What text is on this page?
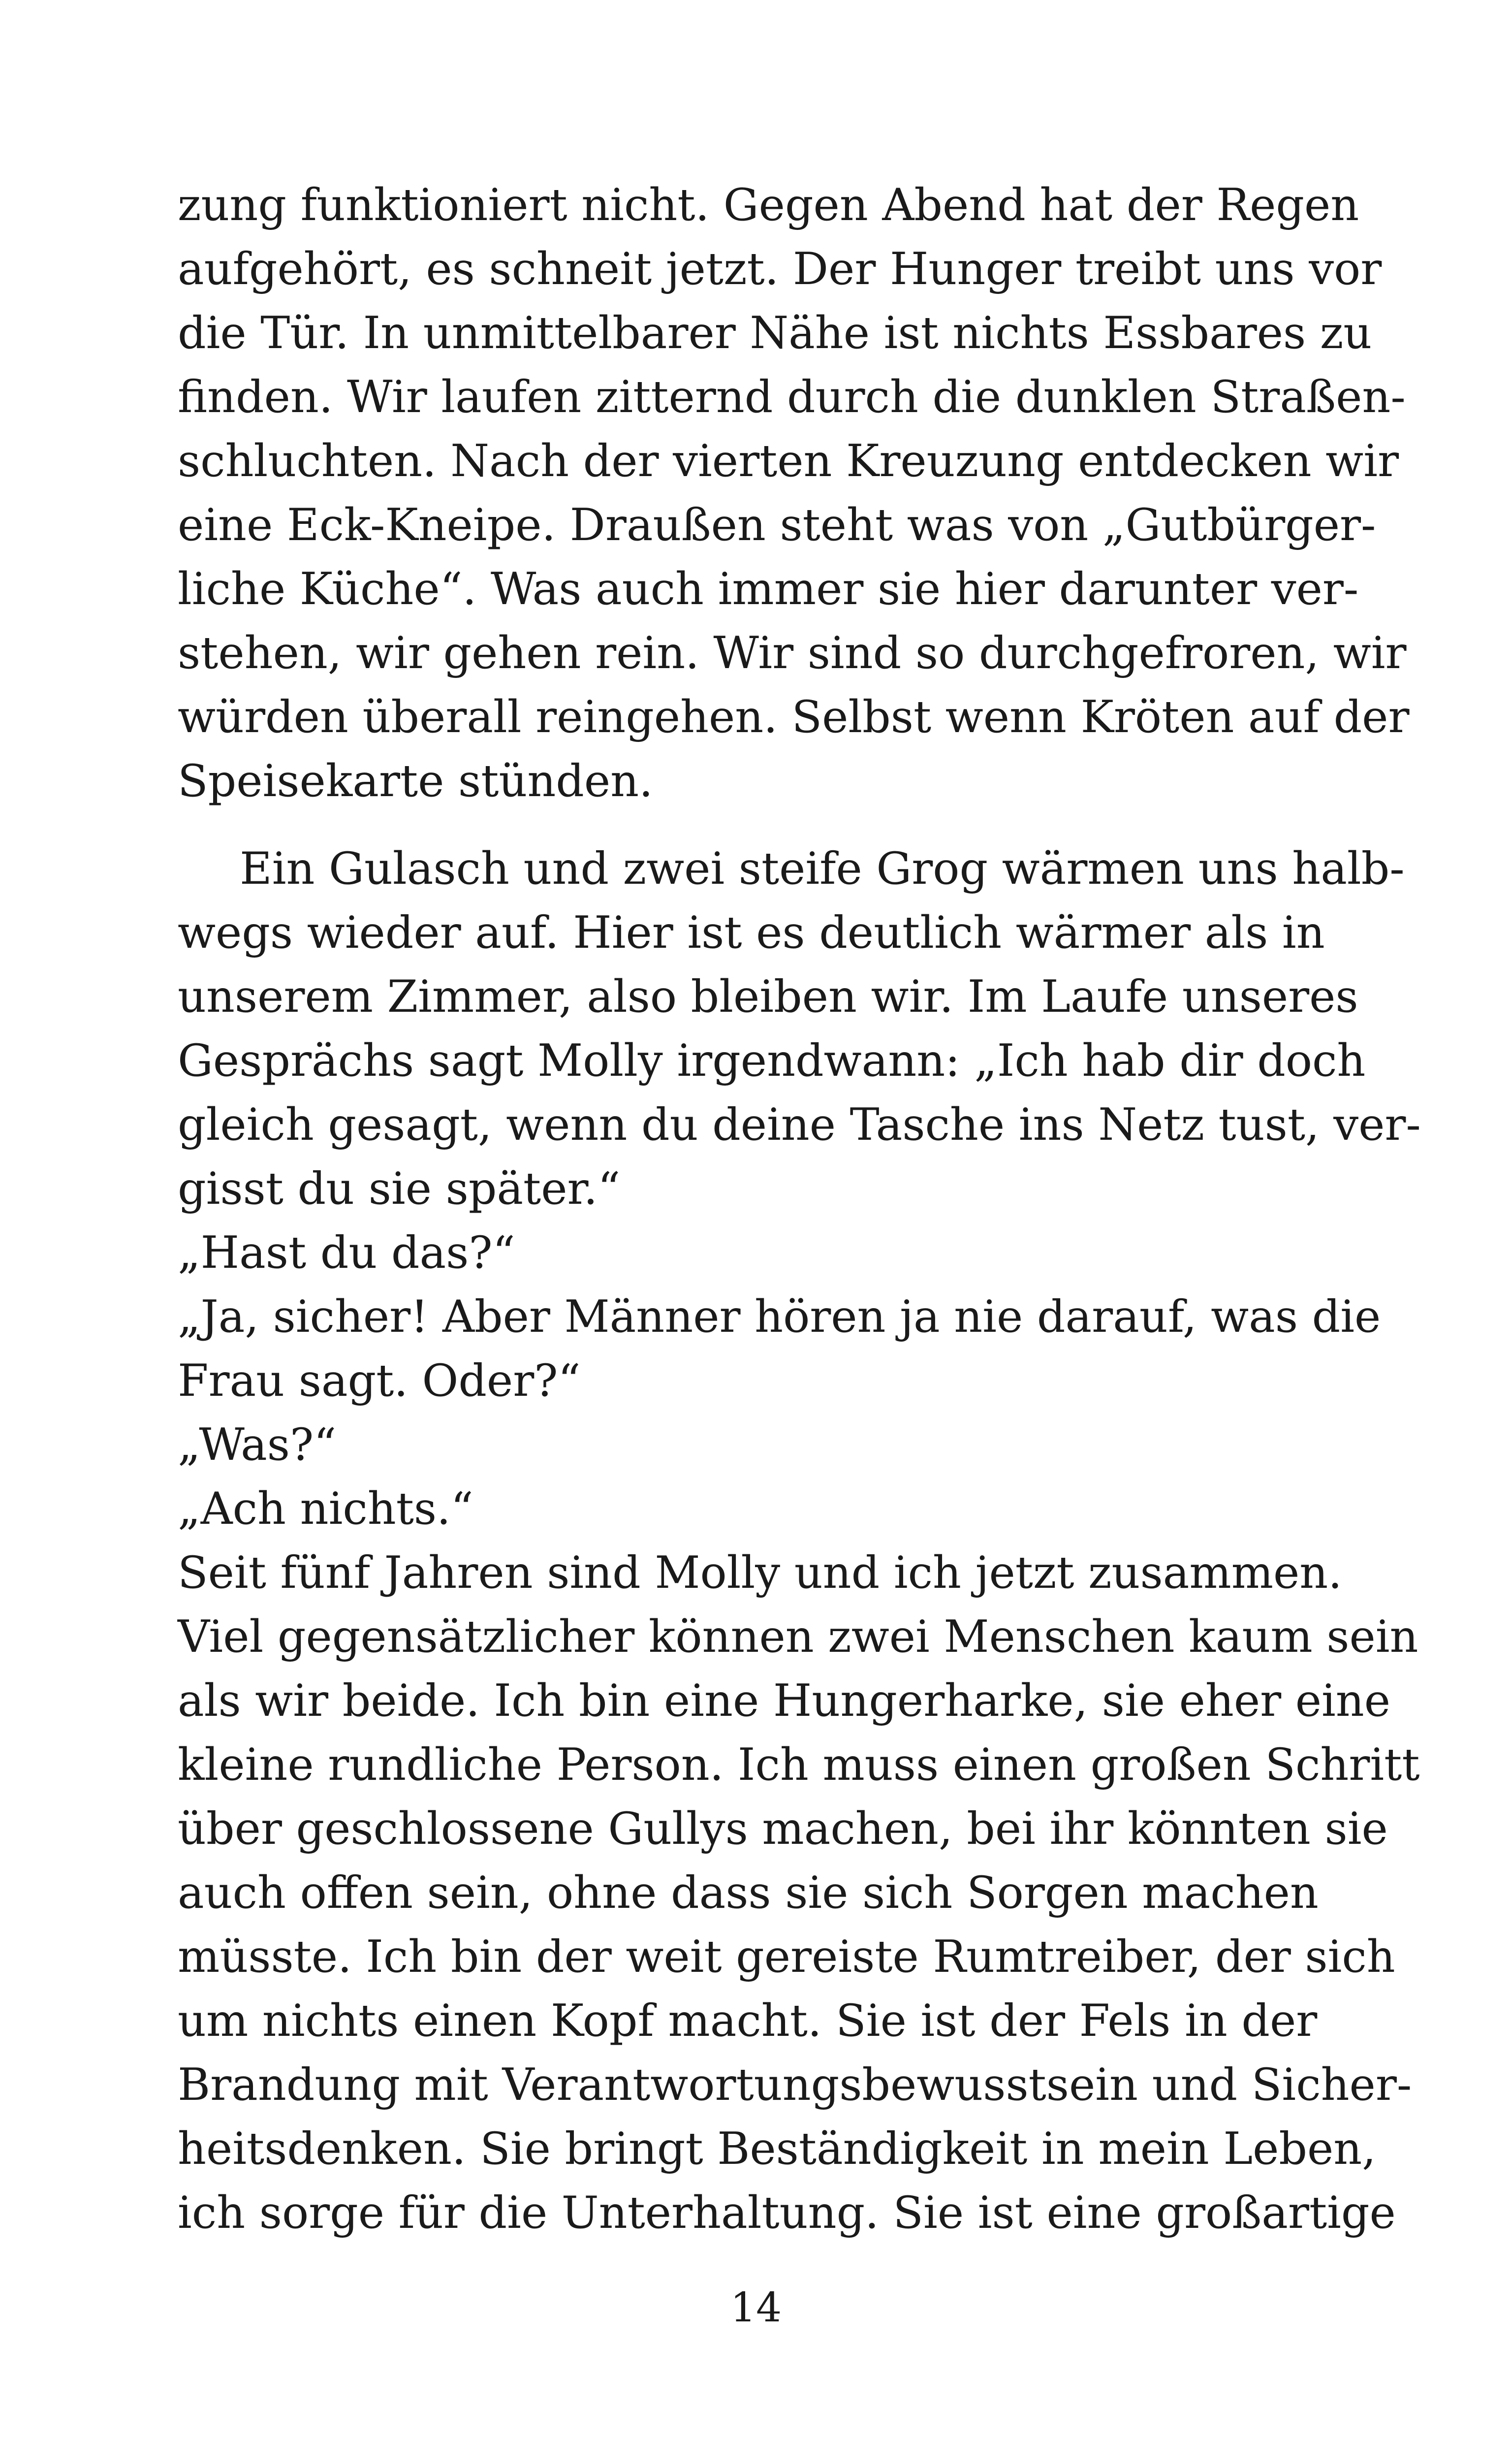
zung funktioniert nicht. Gegen Abend hat der Regen
aufgehört, es schneit jetzt. Der Hunger treibt uns vor
die Tür. In unmittelbarer Nähe ist nichts Essbares zu
finden. Wir laufen zitternd durch die dunklen Straßen-
schluchten. Nach der vierten Kreuzung entdecken wir
eine Eck-Kneipe. Draußen steht was von „Gutbürger-
liche Küche“. Was auch immer sie hier darunter ver-
stehen, wir gehen rein. Wir sind so durchgefroren, wir
würden überall reingehen. Selbst wenn Kröten auf der
Speisekarte stünden.
Ein Gulasch und zwei steife Grog wärmen uns halb-
wegs wieder auf. Hier ist es deutlich wärmer als in
unserem Zimmer, also bleiben wir. Im Laufe unseres
Gesprächs sagt Molly irgendwann: „Ich hab dir doch
gleich gesagt, wenn du deine Tasche ins Netz tust, ver-
gisst du sie später.“
„Hast du das?“
„Ja, sicher! Aber Männer hören ja nie darauf, was die
Frau sagt. Oder?“
„Was?“
„Ach nichts.“
Seit fünf Jahren sind Molly und ich jetzt zusammen.
Viel gegensätzlicher können zwei Menschen kaum sein
als wir beide. Ich bin eine Hungerharke, sie eher eine
kleine rundliche Person. Ich muss einen großen Schritt
über geschlossene Gullys machen, bei ihr könnten sie
auch offen sein, ohne dass sie sich Sorgen machen
müsste. Ich bin der weit gereiste Rumtreiber, der sich
um nichts einen Kopf macht. Sie ist der Fels in der
Brandung mit Verantwortungsbewusstsein und Sicher-
heitsdenken. Sie bringt Beständigkeit in mein Leben,
ich sorge für die Unterhaltung. Sie ist eine großartige
14
